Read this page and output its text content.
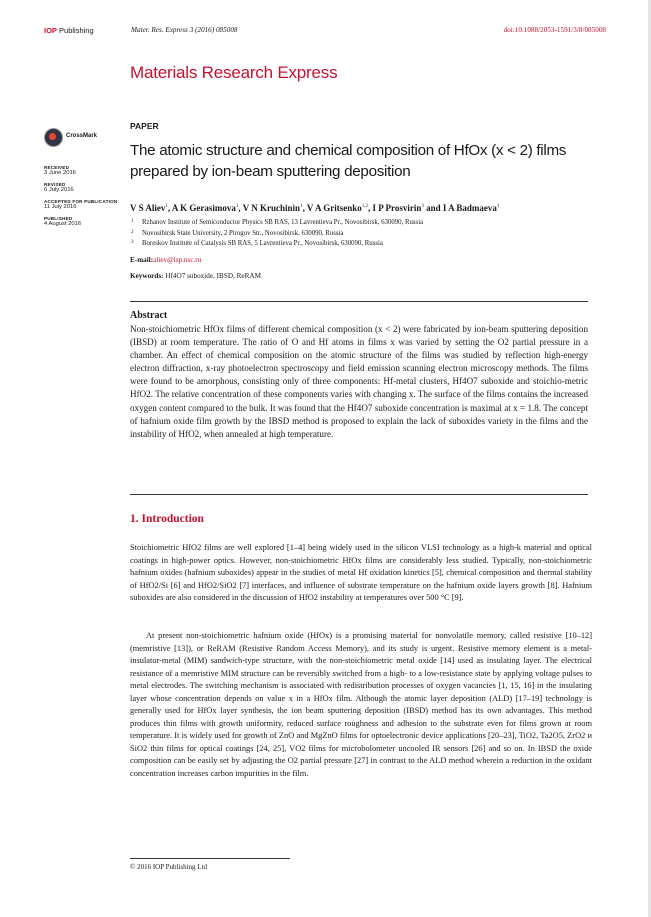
IOP Publishing	Mater. Res. Express 3 (2016) 085008	doi:10.1088/2053-1591/3/8/085008
Materials Research Express
CrossMark
RECEIVED
3 June 2016
REVISED
6 July 2016
ACCEPTED FOR PUBLICATION
11 July 2016
PUBLISHED
4 August 2016
PAPER
The atomic structure and chemical composition of HfOx (x < 2) films prepared by ion-beam sputtering deposition
V S Aliev$^1$, A K Gerasimova$^1$, V N Kruchinin$^1$, V A Gritsenko$^{1,2}$, I P Prosvirin$^3$ and I A Badmaeva$^1$
1 Rzhanov Institute of Semiconductor Physics SB RAS, 13 Lavrentieva Pr., Novosibirsk, 630090, Russia
2 Novosibirsk State University, 2 Pirogov Str., Novosibirsk, 630090, Russia
3 Boreskov Institute of Catalysis SB RAS, 5 Lavrentieva Pr., Novosibirsk, 630090, Russia
E-mail:aliev@isp.nsc.ru
Keywords: Hf4O7 suboxide, IBSD, ReRAM
Abstract

Non-stoichiometric HfOx films of different chemical composition (x < 2) were fabricated by ion-beam sputtering deposition (IBSD) at room temperature. The ratio of O and Hf atoms in films x was varied by setting the O2 partial pressure in a chamber. An effect of chemical composition on the atomic structure of the films was studied by reflection high-energy electron diffraction, x-ray photoelectron spectroscopy and field emission scanning electron microscopy methods. The films were found to be amorphous, consisting only of three components: Hf-metal clusters, Hf4O7 suboxide and stoichio-metric HfO2. The relative concentration of these components varies with changing x. The surface of the films contains the increased oxygen content compared to the bulk. It was found that the Hf4O7 suboxide concentration is maximal at x = 1.8. The concept of hafnium oxide film growth by the IBSD method is proposed to explain the lack of suboxides variety in the films and the instability of HfO2, when annealed at high temperature.

1. Introduction

Stoichiometric HfO2 films are well explored [1–4] being widely used in the silicon VLSI technology as a high-k material and optical coatings in high-power optics. However, non-stoichiometric HfOx films are considerably less studied. Typically, non-stoichiometric hafnium oxides (hafnium suboxides) appear in the studies of metal Hf oxidation kinetics [5], chemical composition and thermal stability of HfO2/Si [6] and HfO2/SiO2 [7] interfaces, and influence of substrate temperature on the hafnium oxide layers growth [8]. Hafnium suboxides are also considered in the discussion of HfO2 instability at temperatures over 500 °C [9].

At present non-stoichiometric hafnium oxide (HfOx) is a promising material for nonvolatile memory, called resistive [10–12] (memristive [13]), or ReRAM (Resistive Random Access Memory), and its study is urgent. Resistive memory element is a metal-insulator-metal (MIM) sandwich-type structure, with the non-stoichiometric metal oxide [14] used as insulating layer. The electrical resistance of a memristive MIM structure can be reversibly switched from a high- to a low-resistance state by applying voltage pulses to metal electrodes. The switching mechanism is associated with redistribution processes of oxygen vacancies [1, 15, 16] in the insulating layer whose concentration depends on value x in a HfOx film. Although the atomic layer deposition (ALD) [17–19] technology is generally used for HfOx layer synthesis, the ion beam sputtering deposition (IBSD) method has its own advantages. This method produces thin films with growth uniformity, reduced surface roughness and adhesion to the substrate even for films grown at room temperature. It is widely used for growth of ZnO and MgZnO films for optoelectronic device applications [20–23], TiO2, Ta2O5, ZrO2 и SiO2 thin films for optical coatings [24, 25], VO2 films for microbolometer uncooled IR sensors [26] and so on. In IBSD the oxide composition can be easily set by adjusting the O2 partial pressure [27] in contrast to the ALD method wherein a reduction in the oxidant concentration increases carbon impurities in the film.

© 2016 IOP Publishing Ltd
